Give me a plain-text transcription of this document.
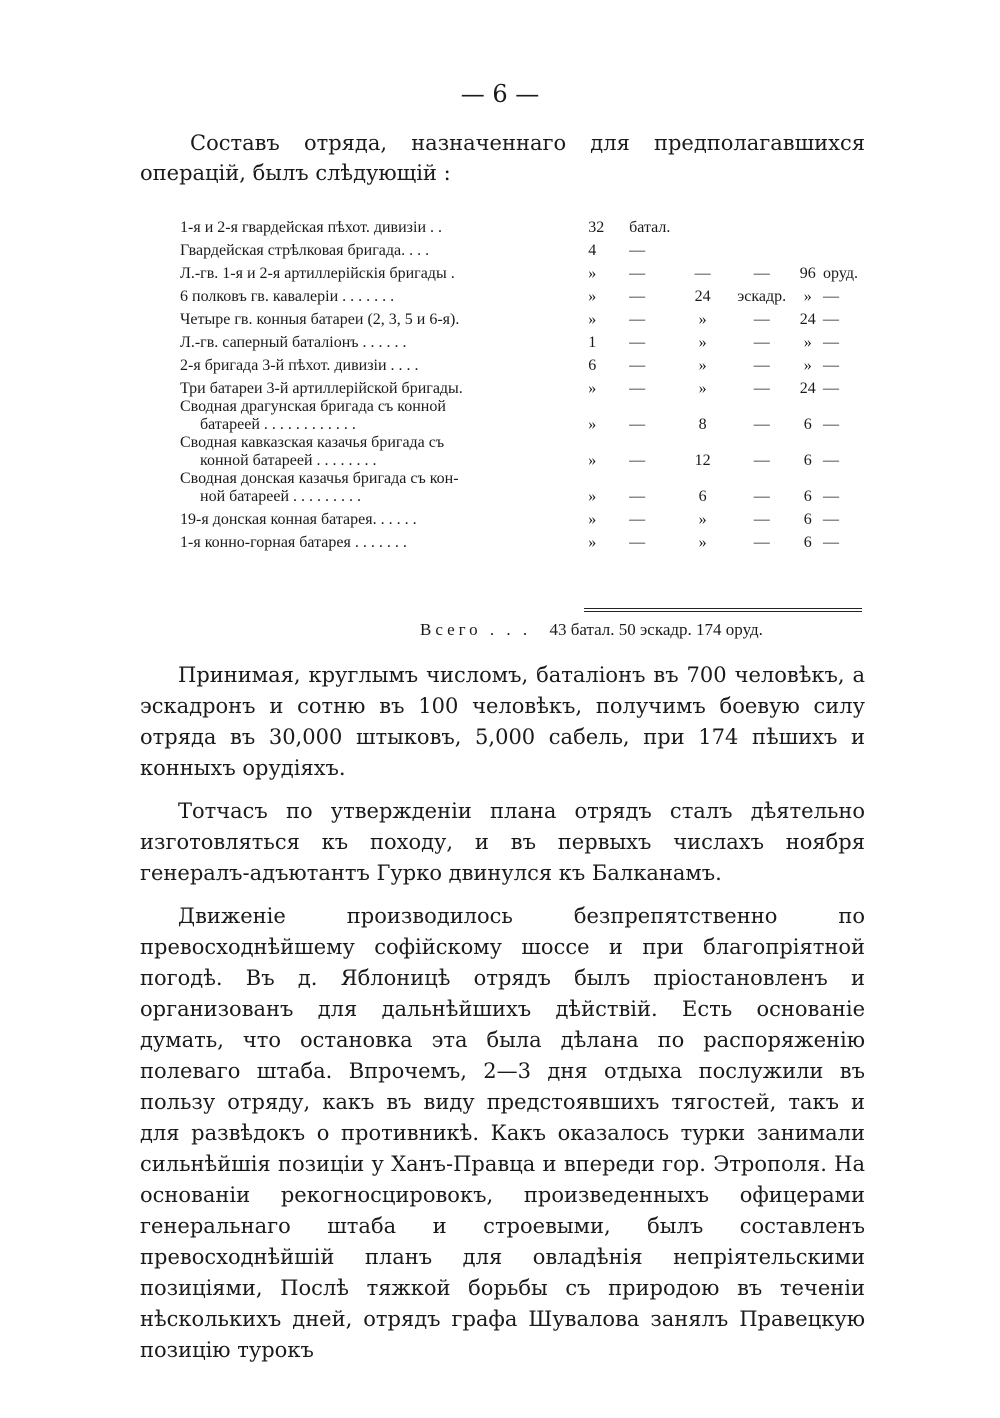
— 6 —
Составъ отряда, назначеннаго для предполагавшихся операцій, былъ слѣдующій :
1-я и 2-я гвардейская пѣхот. дивизіи . .	32	батал.				
Гвардейская стрѣлковая бригада. . . .	4	—				
Л.-гв. 1-я и 2-я артиллерійскія бригады .	»	—	—	—	96	оруд.
6 полковъ гв. кавалеріи . . . . . . .	»	—	24	эскадр.	»	—
Четыре гв. конныя батареи (2, 3, 5 и 6-я).	»	—	»	—	24	—
Л.-гв. саперный баталіонъ . . . . . .	1	—	»	—	»	—
2-я бригада 3-й пѣхот. дивизіи . . . .	6	—	»	—	»	—
Три батареи 3-й артиллерійской бригады.	»	—	»	—	24	—
Сводная драгунская бригада съ конной
батареей . . . . . . . . . . . .	»	—	8	—	6	—
Сводная кавказская казачья бригада съ
конной батареей . . . . . . . .	»	—	12	—	6	—
Сводная донская казачья бригада съ кон-
ной батареей . . . . . . . . .	»	—	6	—	6	—
19-я донская конная батарея. . . . . .	»	—	»	—	6	—
1-я конно-горная батарея . . . . . . .	»	—	»	—	6	—
Всего . . . 43 батал. 50 эскадр. 174 оруд.

Принимая, круглымъ числомъ, баталіонъ въ 700 человѣкъ, а эскадронъ и сотню въ 100 человѣкъ, получимъ боевую силу отряда въ 30,000 штыковъ, 5,000 сабель, при 174 пѣшихъ и конныхъ орудіяхъ.

Тотчасъ по утвержденіи плана отрядъ сталъ дѣятельно изготовляться къ походу, и въ первыхъ числахъ ноября генералъ-адъютантъ Гурко двинулся къ Балканамъ.

Движеніе производилось безпрепятственно по превосходнѣйшему софійскому шоссе и при благопріятной погодѣ. Въ д. Яблоницѣ отрядъ былъ пріостановленъ и организованъ для дальнѣйшихъ дѣйствій. Есть основаніе думать, что остановка эта была дѣлана по распоряженію полеваго штаба. Впрочемъ, 2—3 дня отдыха послужили въ пользу отряду, какъ въ виду предстоявшихъ тягостей, такъ и для развѣдокъ о противникѣ. Какъ оказалось турки занимали сильнѣйшія позиціи у Ханъ-Правца и впереди гор. Этрополя. На основаніи рекогносцировокъ, произведенныхъ офицерами генеральнаго штаба и строевыми, былъ составленъ превосходнѣйшій планъ для овладѣнія непріятельскими позиціями, Послѣ тяжкой борьбы съ природою въ теченіи нѣсколькихъ дней, отрядъ графа Шувалова занялъ Правецкую позицію турокъ
